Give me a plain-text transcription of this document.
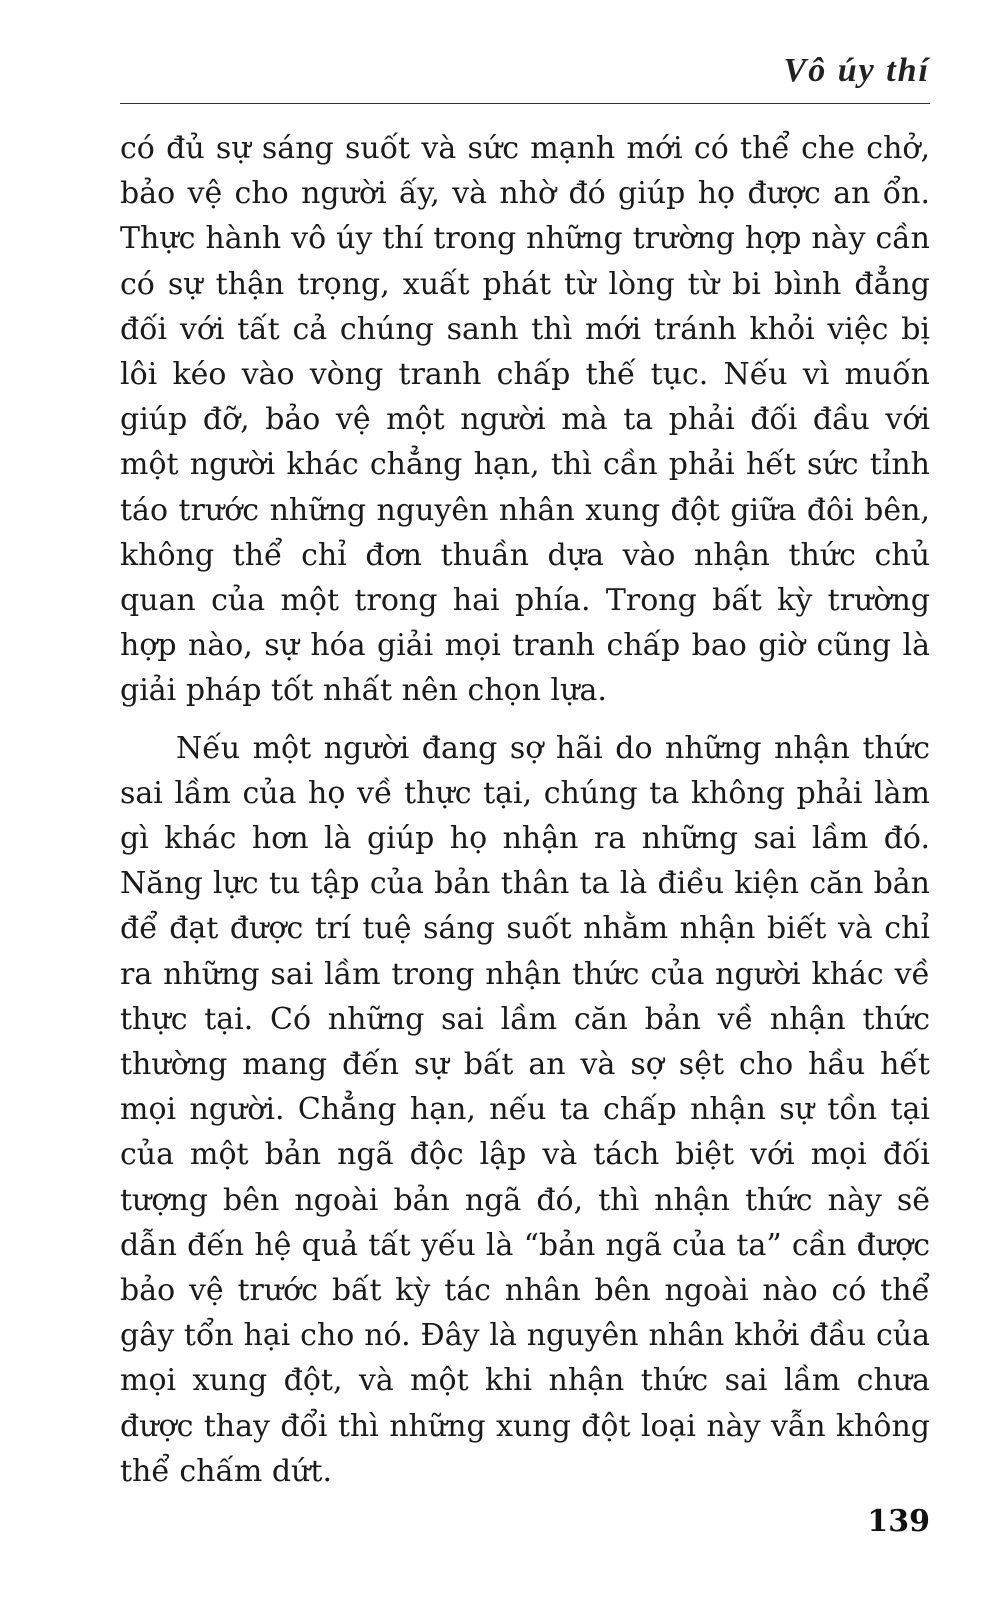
Vô úy thí

có đủ sự sáng suốt và sức mạnh mới có thể che chở, bảo vệ cho người ấy, và nhờ đó giúp họ được an ổn. Thực hành vô úy thí trong những trường hợp này cần có sự thận trọng, xuất phát từ lòng từ bi bình đẳng đối với tất cả chúng sanh thì mới tránh khỏi việc bị lôi kéo vào vòng tranh chấp thế tục. Nếu vì muốn giúp đỡ, bảo vệ một người mà ta phải đối đầu với một người khác chẳng hạn, thì cần phải hết sức tỉnh táo trước những nguyên nhân xung đột giữa đôi bên, không thể chỉ đơn thuần dựa vào nhận thức chủ quan của một trong hai phía. Trong bất kỳ trường hợp nào, sự hóa giải mọi tranh chấp bao giờ cũng là giải pháp tốt nhất nên chọn lựa.

Nếu một người đang sợ hãi do những nhận thức sai lầm của họ về thực tại, chúng ta không phải làm gì khác hơn là giúp họ nhận ra những sai lầm đó. Năng lực tu tập của bản thân ta là điều kiện căn bản để đạt được trí tuệ sáng suốt nhằm nhận biết và chỉ ra những sai lầm trong nhận thức của người khác về thực tại. Có những sai lầm căn bản về nhận thức thường mang đến sự bất an và sợ sệt cho hầu hết mọi người. Chẳng hạn, nếu ta chấp nhận sự tồn tại của một bản ngã độc lập và tách biệt với mọi đối tượng bên ngoài bản ngã đó, thì nhận thức này sẽ dẫn đến hệ quả tất yếu là “bản ngã của ta” cần được bảo vệ trước bất kỳ tác nhân bên ngoài nào có thể gây tổn hại cho nó. Đây là nguyên nhân khởi đầu của mọi xung đột, và một khi nhận thức sai lầm chưa được thay đổi thì những xung đột loại này vẫn không thể chấm dứt.

139
